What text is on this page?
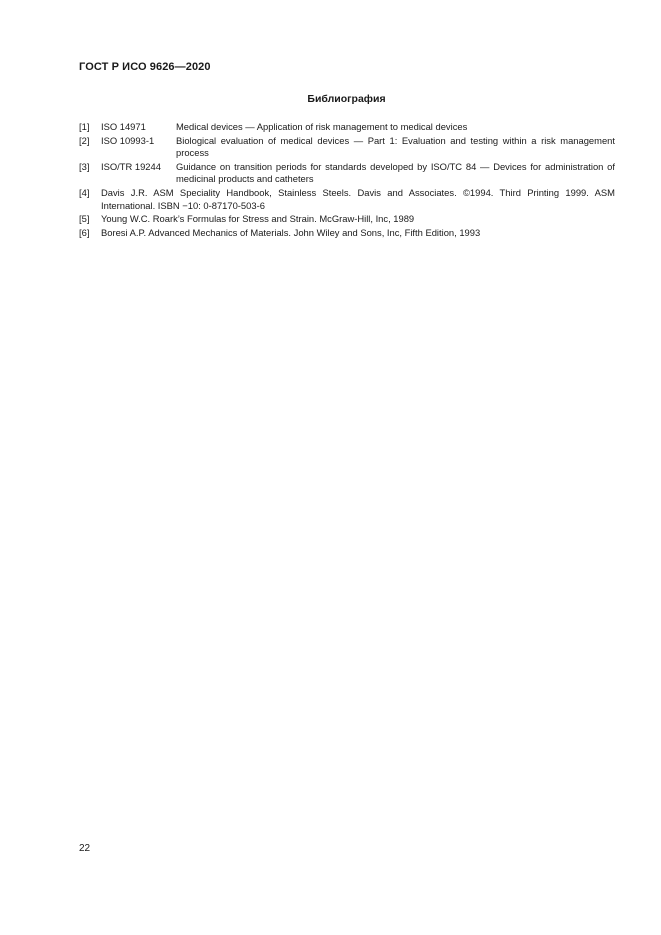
ГОСТ Р ИСО 9626—2020
Библиография
[1] ISO 14971	Medical devices — Application of risk management to medical devices
[2] ISO 10993-1 Biological evaluation of medical devices — Part 1: Evaluation and testing within a risk management process
[3] ISO/TR 19244 Guidance on transition periods for standards developed by ISO/TC 84 — Devices for administration of medicinal products and catheters
[4] Davis J.R. ASM Speciality Handbook, Stainless Steels. Davis and Associates. ©1994. Third Printing 1999. ASM International. ISBN −10: 0-87170-503-6
[5] Young W.C. Roark’s Formulas for Stress and Strain. McGraw-Hill, Inc, 1989
[6] Boresi A.P. Advanced Mechanics of Materials. John Wiley and Sons, Inc, Fifth Edition, 1993
22
